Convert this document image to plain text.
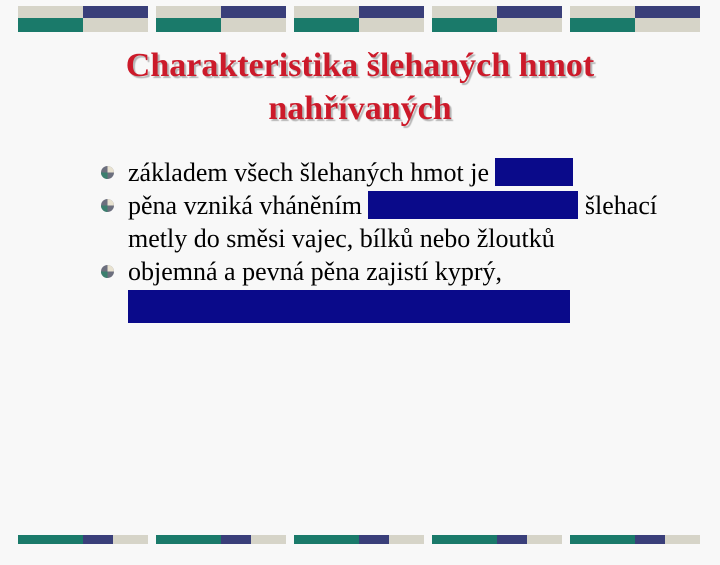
Charakteristika šlehaných hmot nahřívaných
základem všech šlehaných hmot je
pěna vzniká vháněním	šlehací metly do směsi vajec, bílků nebo žloutků
objemná a pevná pěna zajistí kyprý,
